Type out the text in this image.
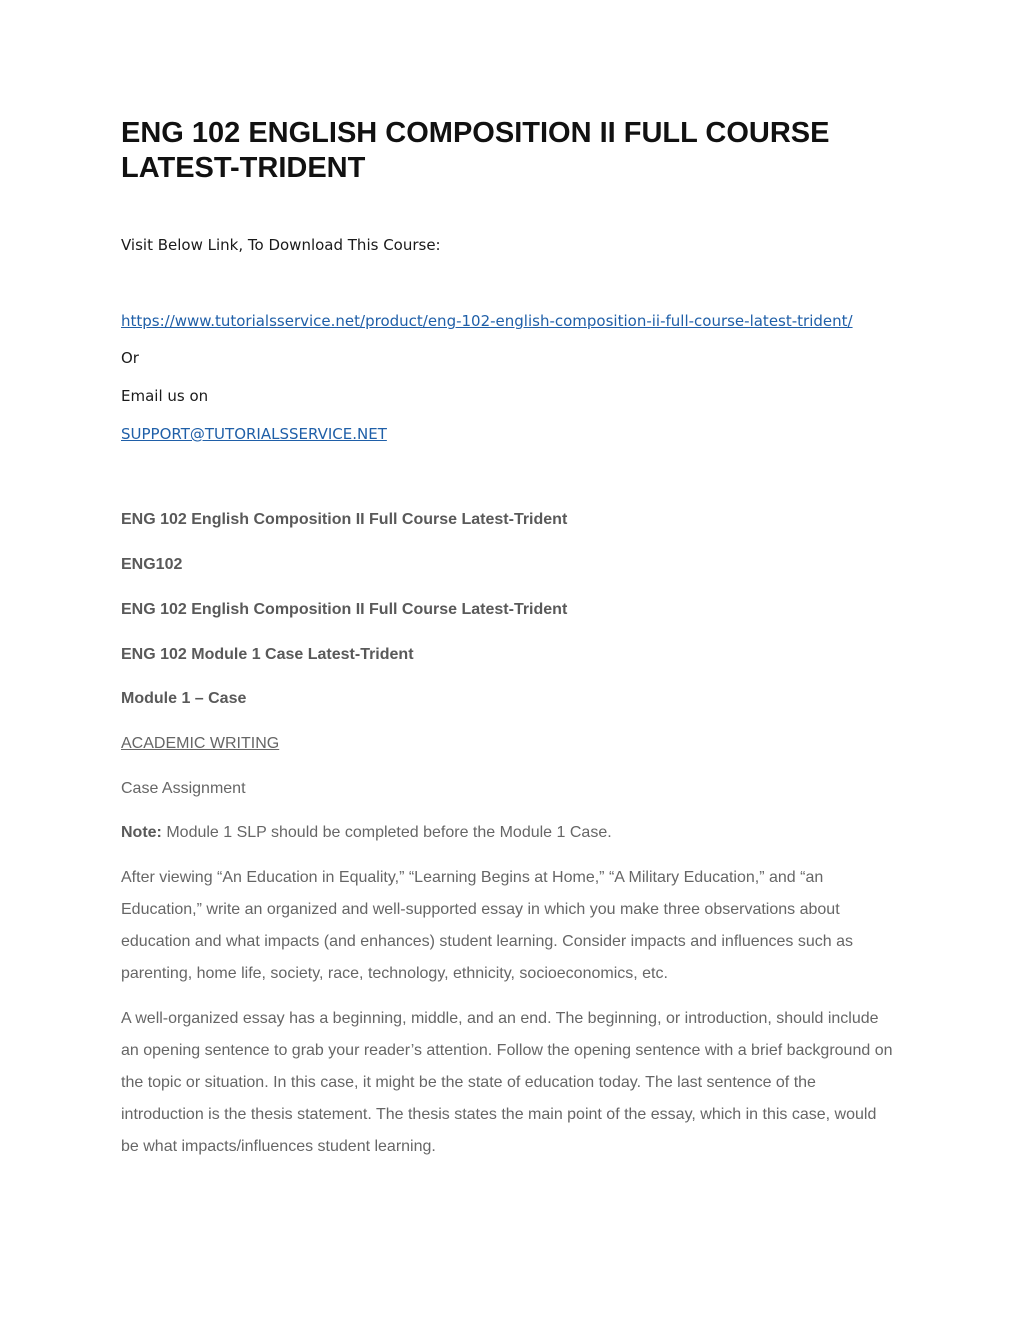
ENG 102 ENGLISH COMPOSITION II FULL COURSE LATEST-TRIDENT

Visit Below Link, To Download This Course:

https://www.tutorialsservice.net/product/eng-102-english-composition-ii-full-course-latest-trident/

Or

Email us on

SUPPORT@TUTORIALSSERVICE.NET

ENG 102 English Composition II Full Course Latest-Trident

ENG102

ENG 102 English Composition II Full Course Latest-Trident

ENG 102 Module 1 Case Latest-Trident

Module 1 – Case

ACADEMIC WRITING

Case Assignment

Note: Module 1 SLP should be completed before the Module 1 Case.

After viewing “An Education in Equality,” “Learning Begins at Home,” “A Military Education,” and “an Education,” write an organized and well-supported essay in which you make three observations about education and what impacts (and enhances) student learning. Consider impacts and influences such as parenting, home life, society, race, technology, ethnicity, socioeconomics, etc.

A well-organized essay has a beginning, middle, and an end. The beginning, or introduction, should include an opening sentence to grab your reader’s attention. Follow the opening sentence with a brief background on the topic or situation. In this case, it might be the state of education today. The last sentence of the introduction is the thesis statement. The thesis states the main point of the essay, which in this case, would be what impacts/influences student learning.
